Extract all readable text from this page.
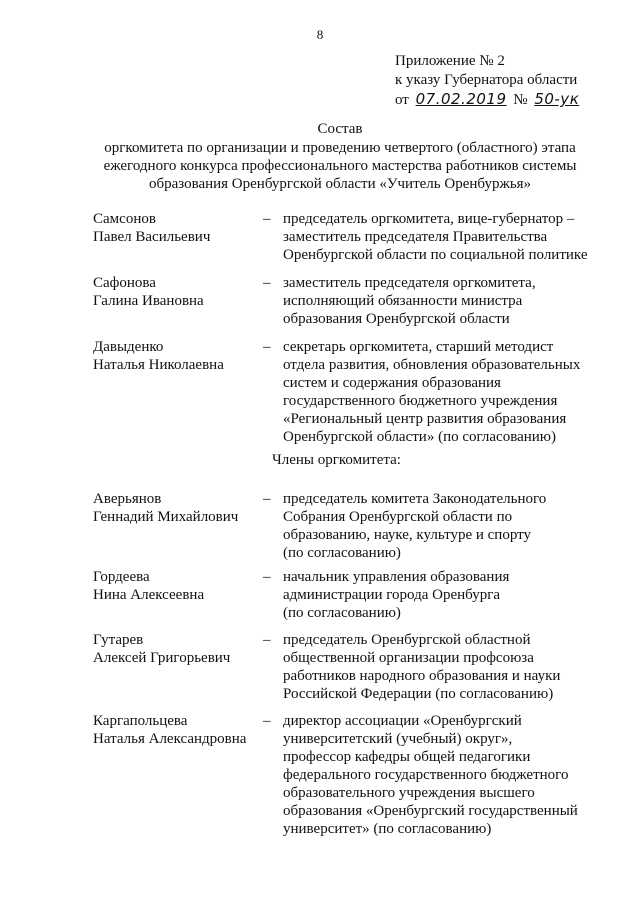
8
Приложение № 2
к указу Губернатора области
от 07.02.2019 № 50-ук
Состав
оргкомитета по организации и проведению четвертого (областного) этапа
ежегодного конкурса профессионального мастерства работников системы
образования Оренбургской области «Учитель Оренбуржья»
Самсонов
Павел Васильевич
– председатель оргкомитета, вице-губернатор –
заместитель председателя Правительства
Оренбургской области по социальной политике
Сафонова
Галина Ивановна
– заместитель председателя оргкомитета,
исполняющий обязанности министра
образования Оренбургской области
Давыденко
Наталья Николаевна
– секретарь оргкомитета, старший методист
отдела развития, обновления образовательных
систем и содержания образования
государственного бюджетного учреждения
«Региональный центр развития образования
Оренбургской области» (по согласованию)
Члены оргкомитета:
Аверьянов
Геннадий Михайлович
– председатель комитета Законодательного
Собрания Оренбургской области по
образованию, науке, культуре и спорту
(по согласованию)
Гордеева
Нина Алексеевна
– начальник управления образования
администрации города Оренбурга
(по согласованию)
Гутарев
Алексей Григорьевич
– председатель Оренбургской областной
общественной организации профсоюза
работников народного образования и науки
Российской Федерации (по согласованию)
Каргапольцева
Наталья Александровна
– директор ассоциации «Оренбургский
университетский (учебный) округ»,
профессор кафедры общей педагогики
федерального государственного бюджетного
образовательного учреждения высшего
образования «Оренбургский государственный
университет» (по согласованию)
